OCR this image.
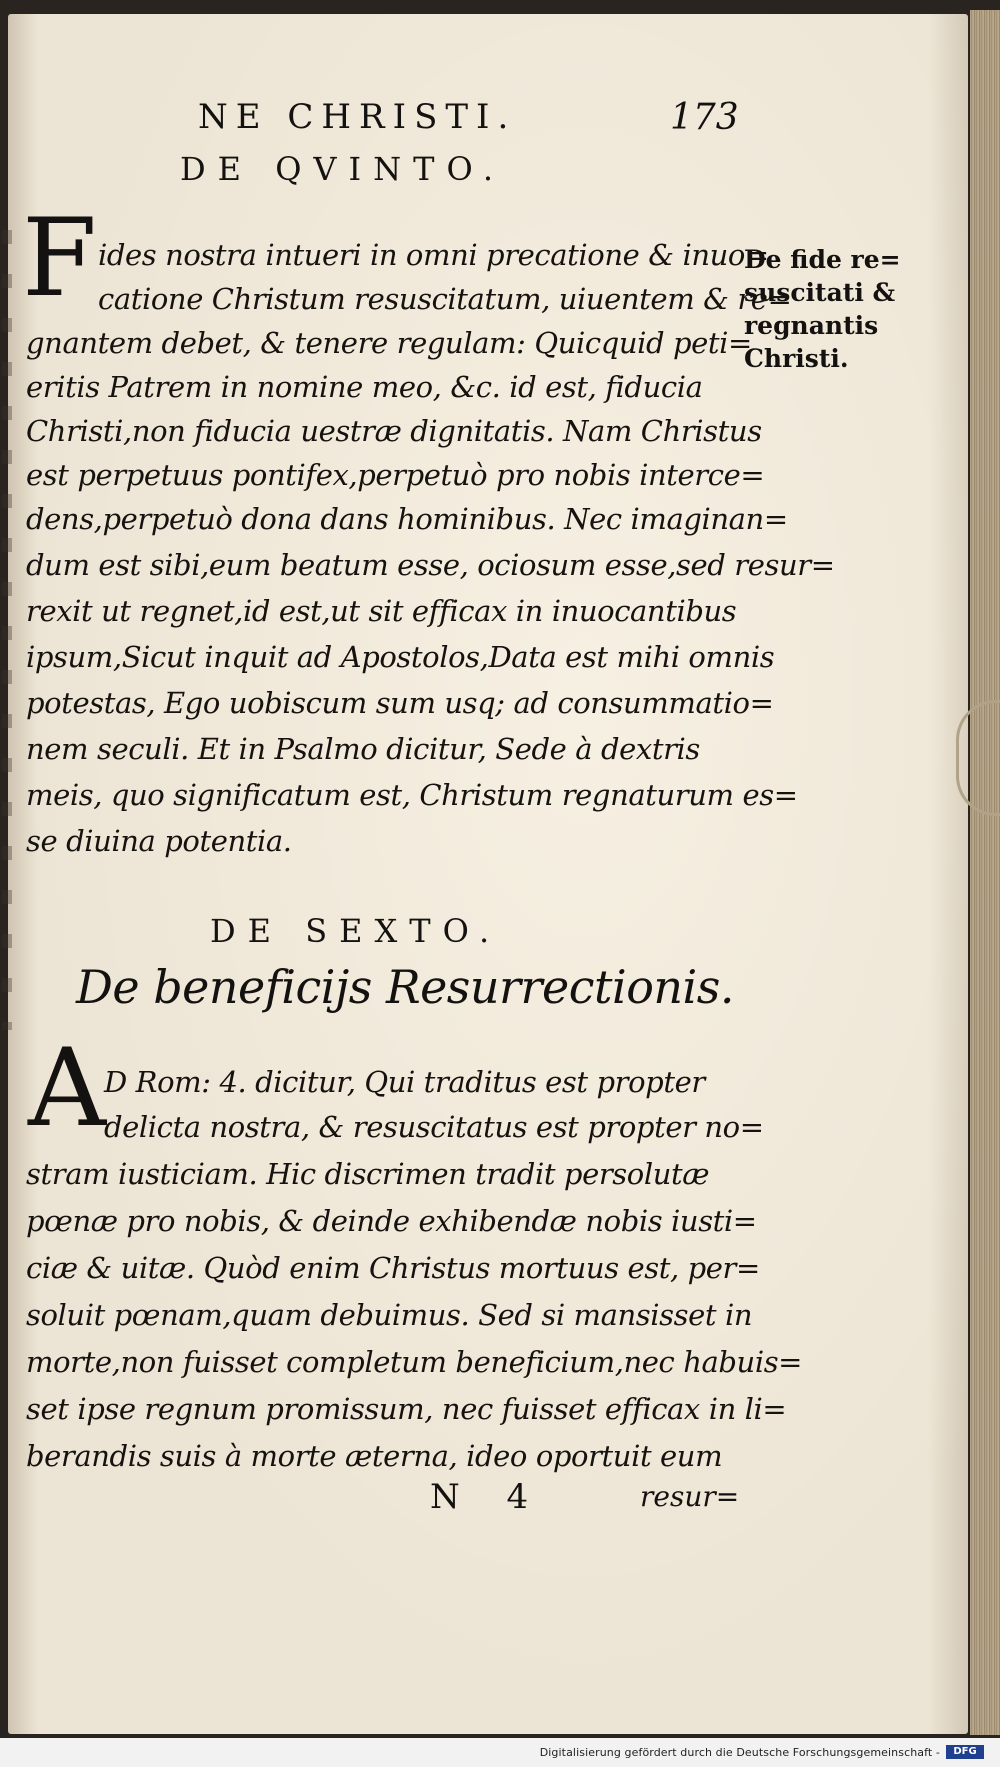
NE CHRISTI.	173
DE QVINTO.
F ides nostra intueri in omni precatione & inuo=
catione Christum resuscitatum, uiuentem & re=
gnantem debet, & tenere regulam: Quicquid peti=
eritis Patrem in nomine meo, &c. id est, fiducia
Christi,non fiducia uestræ dignitatis. Nam Christus
est perpetuus pontifex,perpetuò pro nobis interce=
dens,perpetuò dona dans hominibus. Nec imaginan=
dum est sibi,eum beatum esse, ociosum esse,sed resur=
rexit ut regnet,id est,ut sit efficax in inuocantibus
ipsum,Sicut inquit ad Apostolos,Data est mihi omnis
potestas, Ego uobiscum sum usq; ad consummatio=
nem seculi. Et in Psalmo dicitur, Sede à dextris
meis, quo significatum est, Christum regnaturum es=
se diuina potentia.
De fide re=
suscitati &
regnantis
Christi.
DE SEXTO.
De beneficijs Resurrectionis.
A
D Rom: 4. dicitur, Qui traditus est propter
delicta nostra, & resuscitatus est propter no=
stram iusticiam. Hic discrimen tradit persolutæ
pœnæ pro nobis, & deinde exhibendæ nobis iusti=
ciæ & uitæ. Quòd enim Christus mortuus est, per=
soluit pœnam,quam debuimus. Sed si mansisset in
morte,non fuisset completum beneficium,nec habuis=
set ipse regnum promissum, nec fuisset efficax in li=
berandis suis à morte æterna, ideo oportuit eum
N 4	resur=
Digitalisierung gefördert durch die Deutsche Forschungsgemeinschaft -	DFG
